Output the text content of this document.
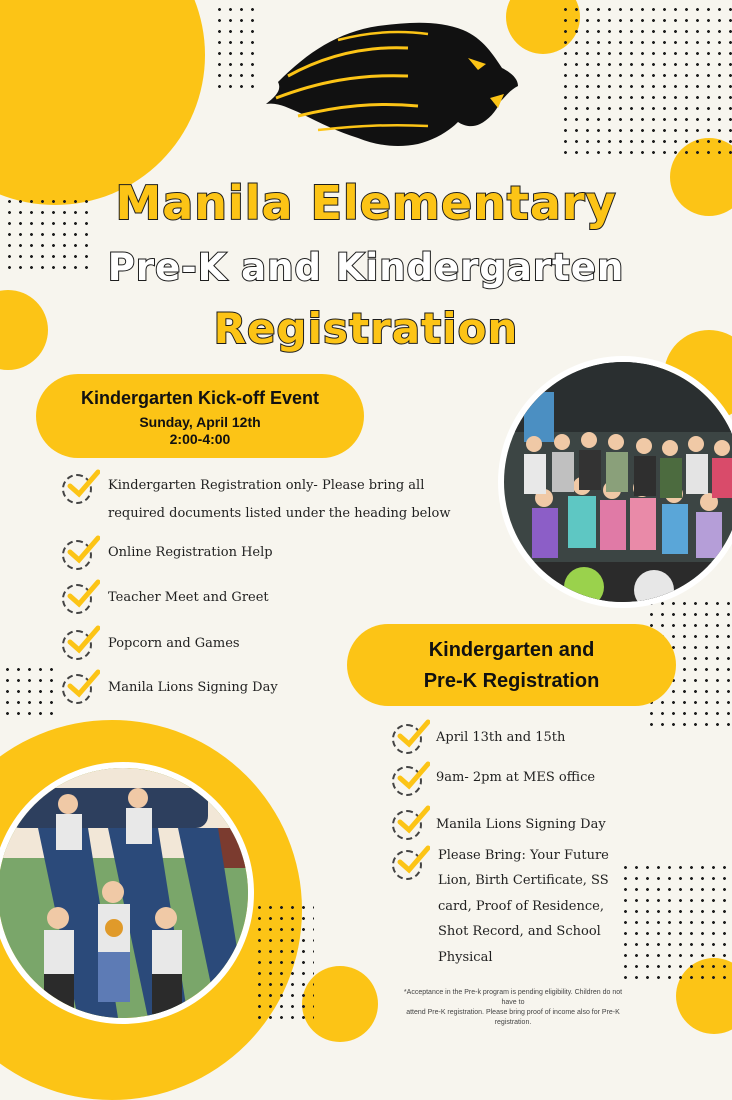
Manila Elementary
Pre-K and Kindergarten
Registration
Kindergarten Kick-off Event
Sunday, April 12th
2:00-4:00
Kindergarten Registration only- Please bring all
required documents listed under the heading below
Online Registration Help
Teacher Meet and Greet
Popcorn and Games
Manila Lions Signing Day
Kindergarten and
Pre-K Registration
April 13th and 15th
9am- 2pm at MES office
Manila Lions Signing Day
Please Bring: Your Future
Lion, Birth Certificate, SS
card, Proof of Residence,
Shot Record, and School
Physical
*Acceptance in the Pre-k program is pending eligibility. Children do not have to
attend Pre-K registration. Please bring proof of income also for Pre-K registration.
